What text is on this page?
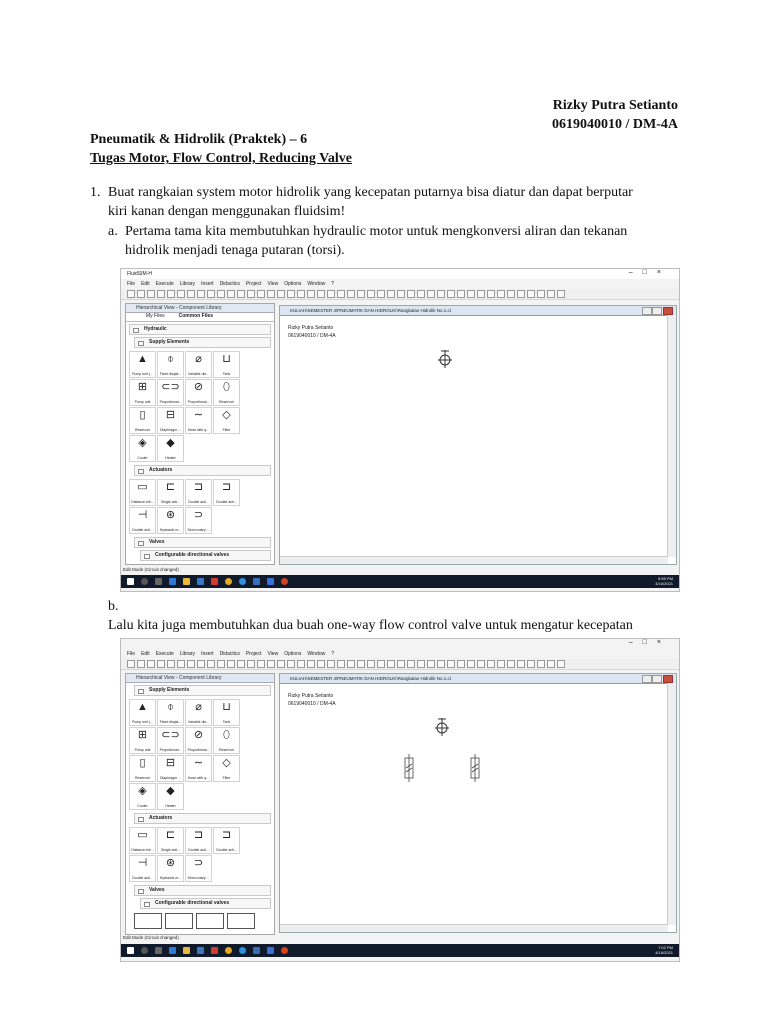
Rizky Putra Setianto
0619040010 / DM-4A
Pneumatik & Hidrolik (Praktek) – 6
Tugas Motor, Flow Control, Reducing Valve
1. Buat rangkaian system motor hidrolik yang kecepatan putarnya bisa diatur dan dapat berputar
kiri kanan dengan menggunakan fluidsim!
a. Pertama tama kita membutuhkan hydraulic motor untuk mengkonversi aliran dan tekanan
hidrolik menjadi tenaga putaran (torsi).
FluidSIM-H	–□×
File Edit Execute Library Insert Didactics Project View Options Window ?
Hierarchical View - Component Library
My Files	Common Files
Hydraulic
Supply Elements
▲
Pump unit (...
⌽
Fixed displa...
⌀
Variable dis...
⊔
Tank
⊞
Pump unit
⊂⊃
Proportional...
⊘
Proportional...
⬯
Reservoir
▯
Reservoir
⊟
Diaphragm ...
∼
Hose with q...
◇
Filter
◈
Cooler
◆
Heater
Actuators
▭
Distance-ele...
⊏
Single acti...
⊐
Double acti...
⊐
Double acti...
⊣
Double acti...
⊛
Hydraulic m...
⊃
Semi-rotary ...
Valves
Configurable directional valves
KULIAH\SEMESTER 4\PNEUMATIK DAN HIDROLIK\Rangkaian Hidrolik No.1.ct
Rizky Putra Setianto
0619040010 / DM-4A
Edit Mode (Circuit changed)
6:55 PM
4/16/2021
b.
Lalu kita juga membutuhkan dua buah one-way flow control valve untuk mengatur kecepatan
–□×
File Edit Execute Library Insert Didactics Project View Options Window ?
Hierarchical View - Component Library
Supply Elements
▲
Pump unit (...
⌽
Fixed displa...
⌀
Variable dis...
⊔
Tank
⊞
Pump unit
⊂⊃
Proportional...
⊘
Proportional...
⬯
Reservoir
▯
Reservoir
⊟
Diaphragm ...
∼
Hose with q...
◇
Filter
◈
Cooler
◆
Heater
Actuators
▭
Distance-ele...
⊏
Single acti...
⊐
Double acti...
⊐
Double acti...
⊣
Double acti...
⊛
Hydraulic m...
⊃
Semi-rotary ...
Valves
Configurable directional valves
KULIAH\SEMESTER 4\PNEUMATIK DAN HIDROLIK\Rangkaian Hidrolik No.1.ct
Rizky Putra Setianto
0619040010 / DM-4A
Edit Mode (Circuit changed)
7:02 PM
4/16/2021
